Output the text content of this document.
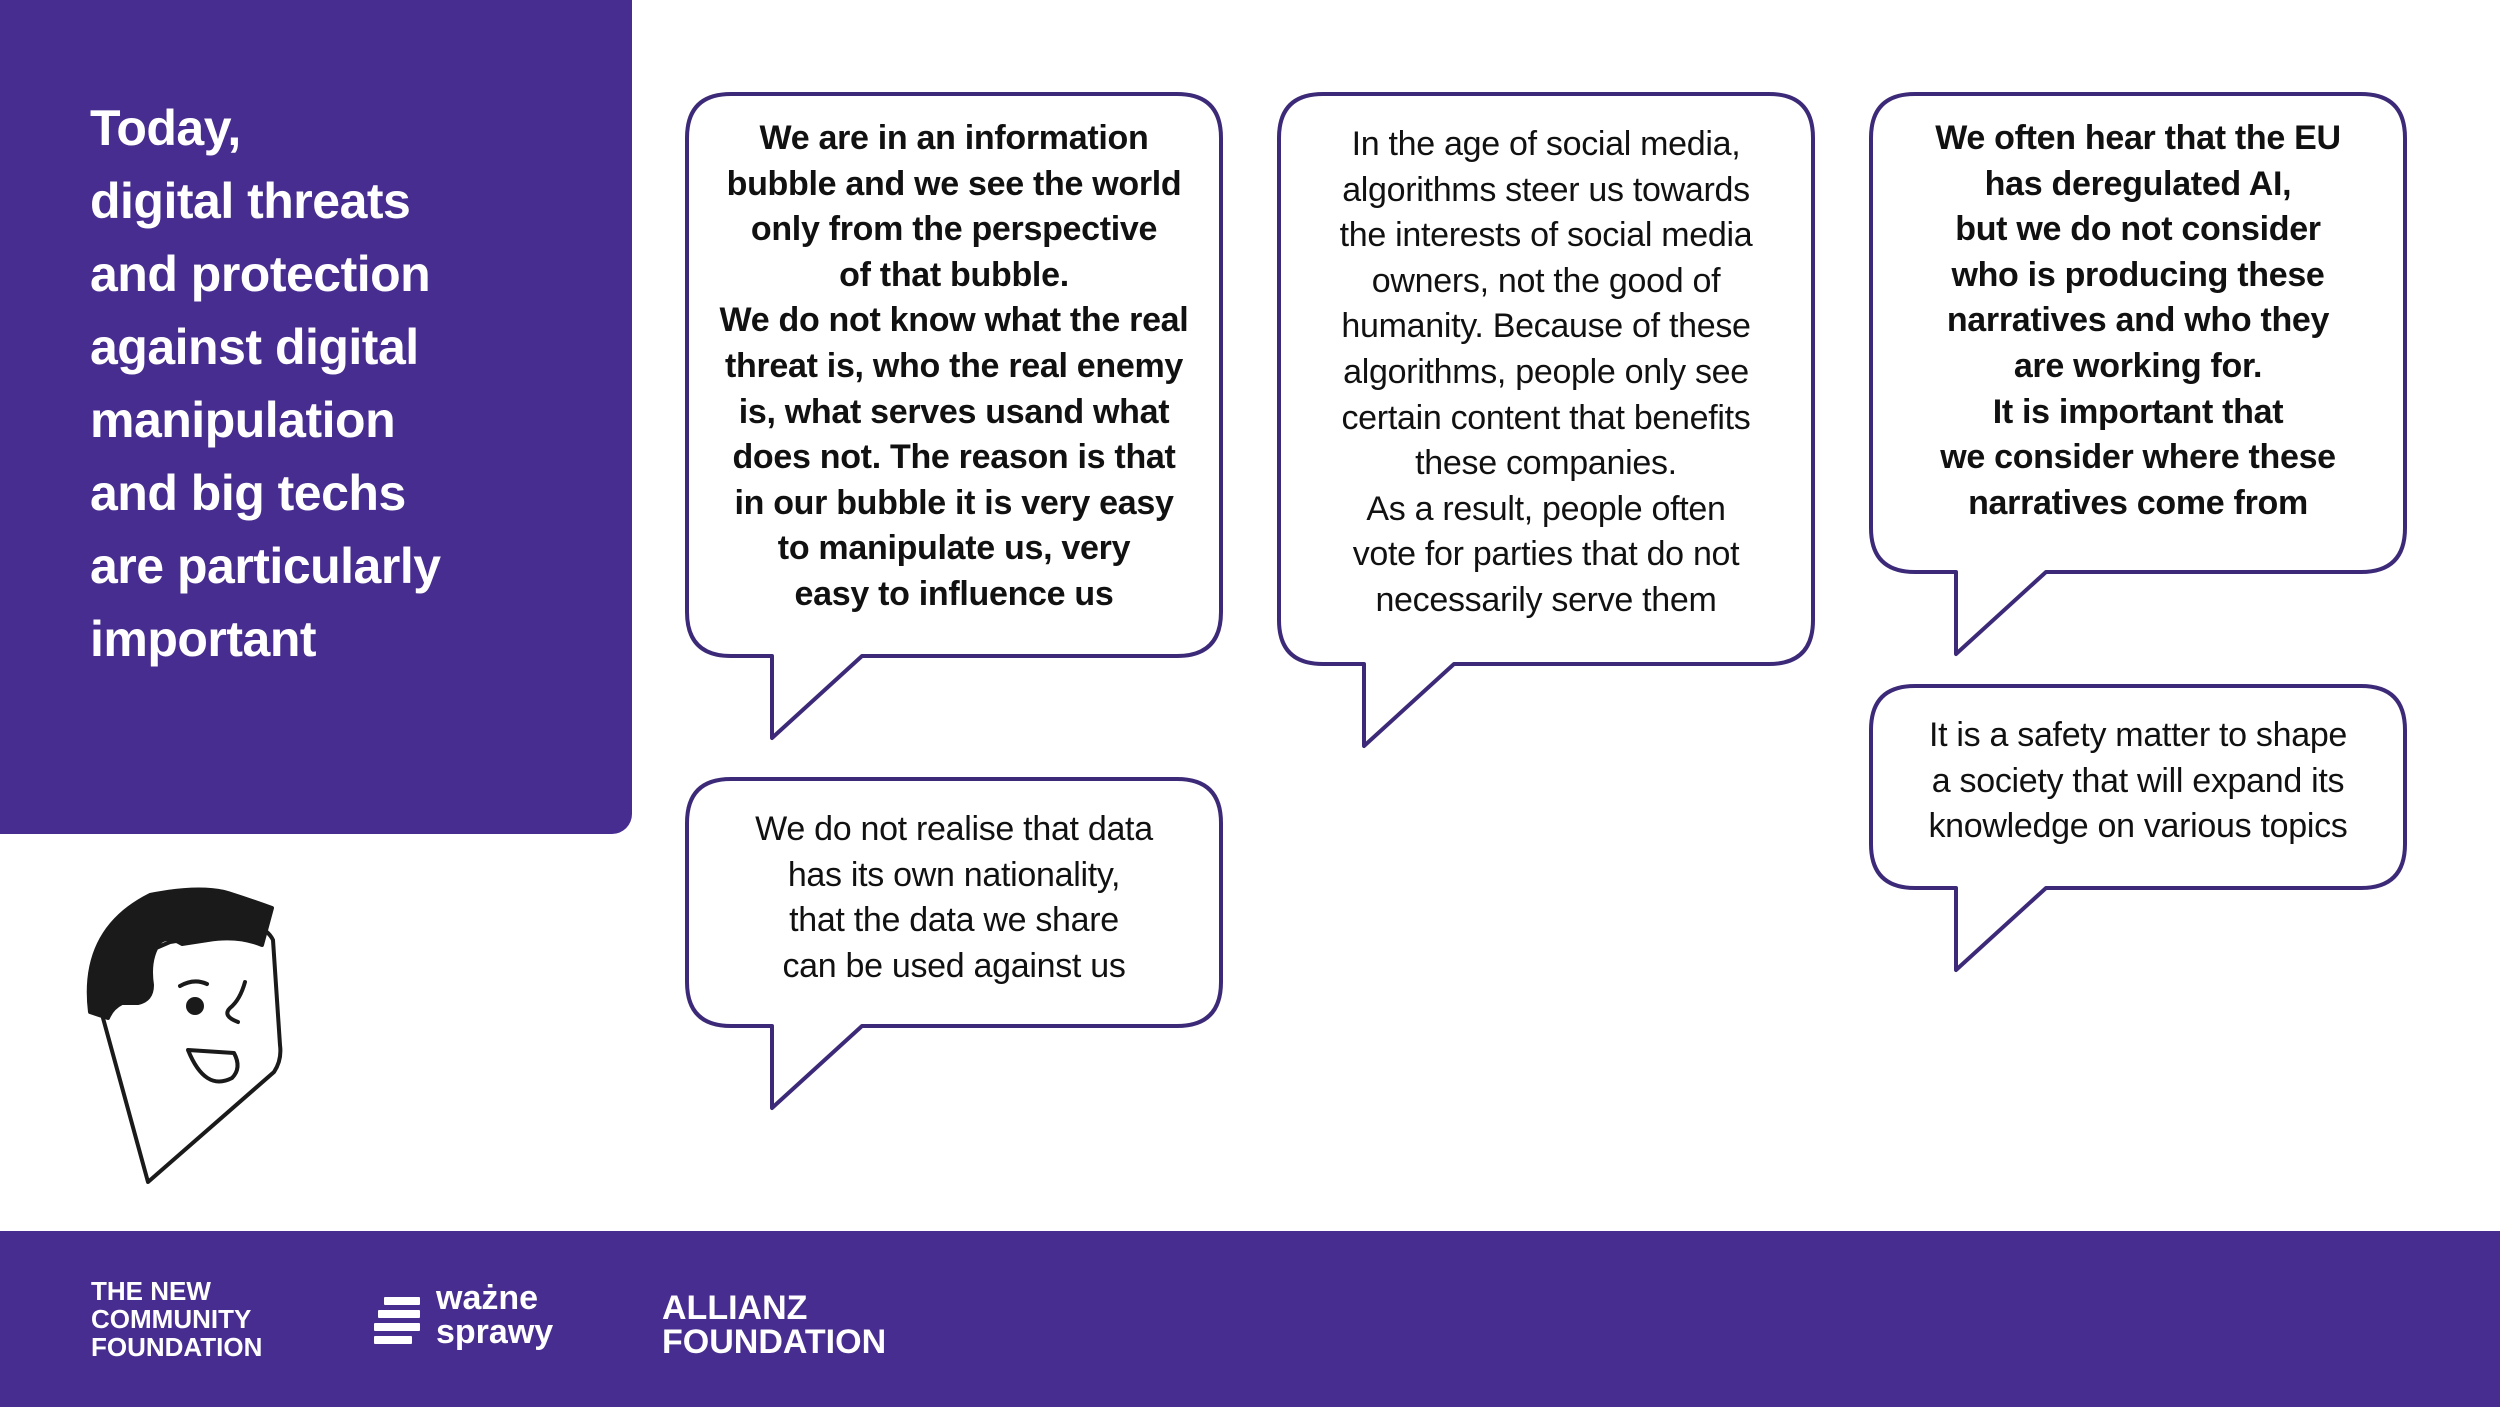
Today,
digital threats
and protection
against digital
manipulation
and big techs
are particularly
important
We are in an information
bubble and we see the world
only from the perspective
of that bubble.
We do not know what the real
threat is, who the real enemy
is, what serves usand what
does not. The reason is that
in our bubble it is very easy
to manipulate us, very
easy to influence us
We do not realise that data
has its own nationality,
that the data we share
can be used against us
In the age of social media,
algorithms steer us towards
the interests of social media
owners, not the good of
humanity. Because of these
algorithms, people only see
certain content that benefits
these companies.
As a result, people often
vote for parties that do not
necessarily serve them
We often hear that the EU
has deregulated AI,
but we do not consider
who is producing these
narratives and who they
are working for.
It is important that
we consider where these
narratives come from
It is a safety matter to shape
a society that will expand its
knowledge on various topics
THE NEW
COMMUNITY
FOUNDATION
ważne
sprawy
ALLIANZ
FOUNDATION
